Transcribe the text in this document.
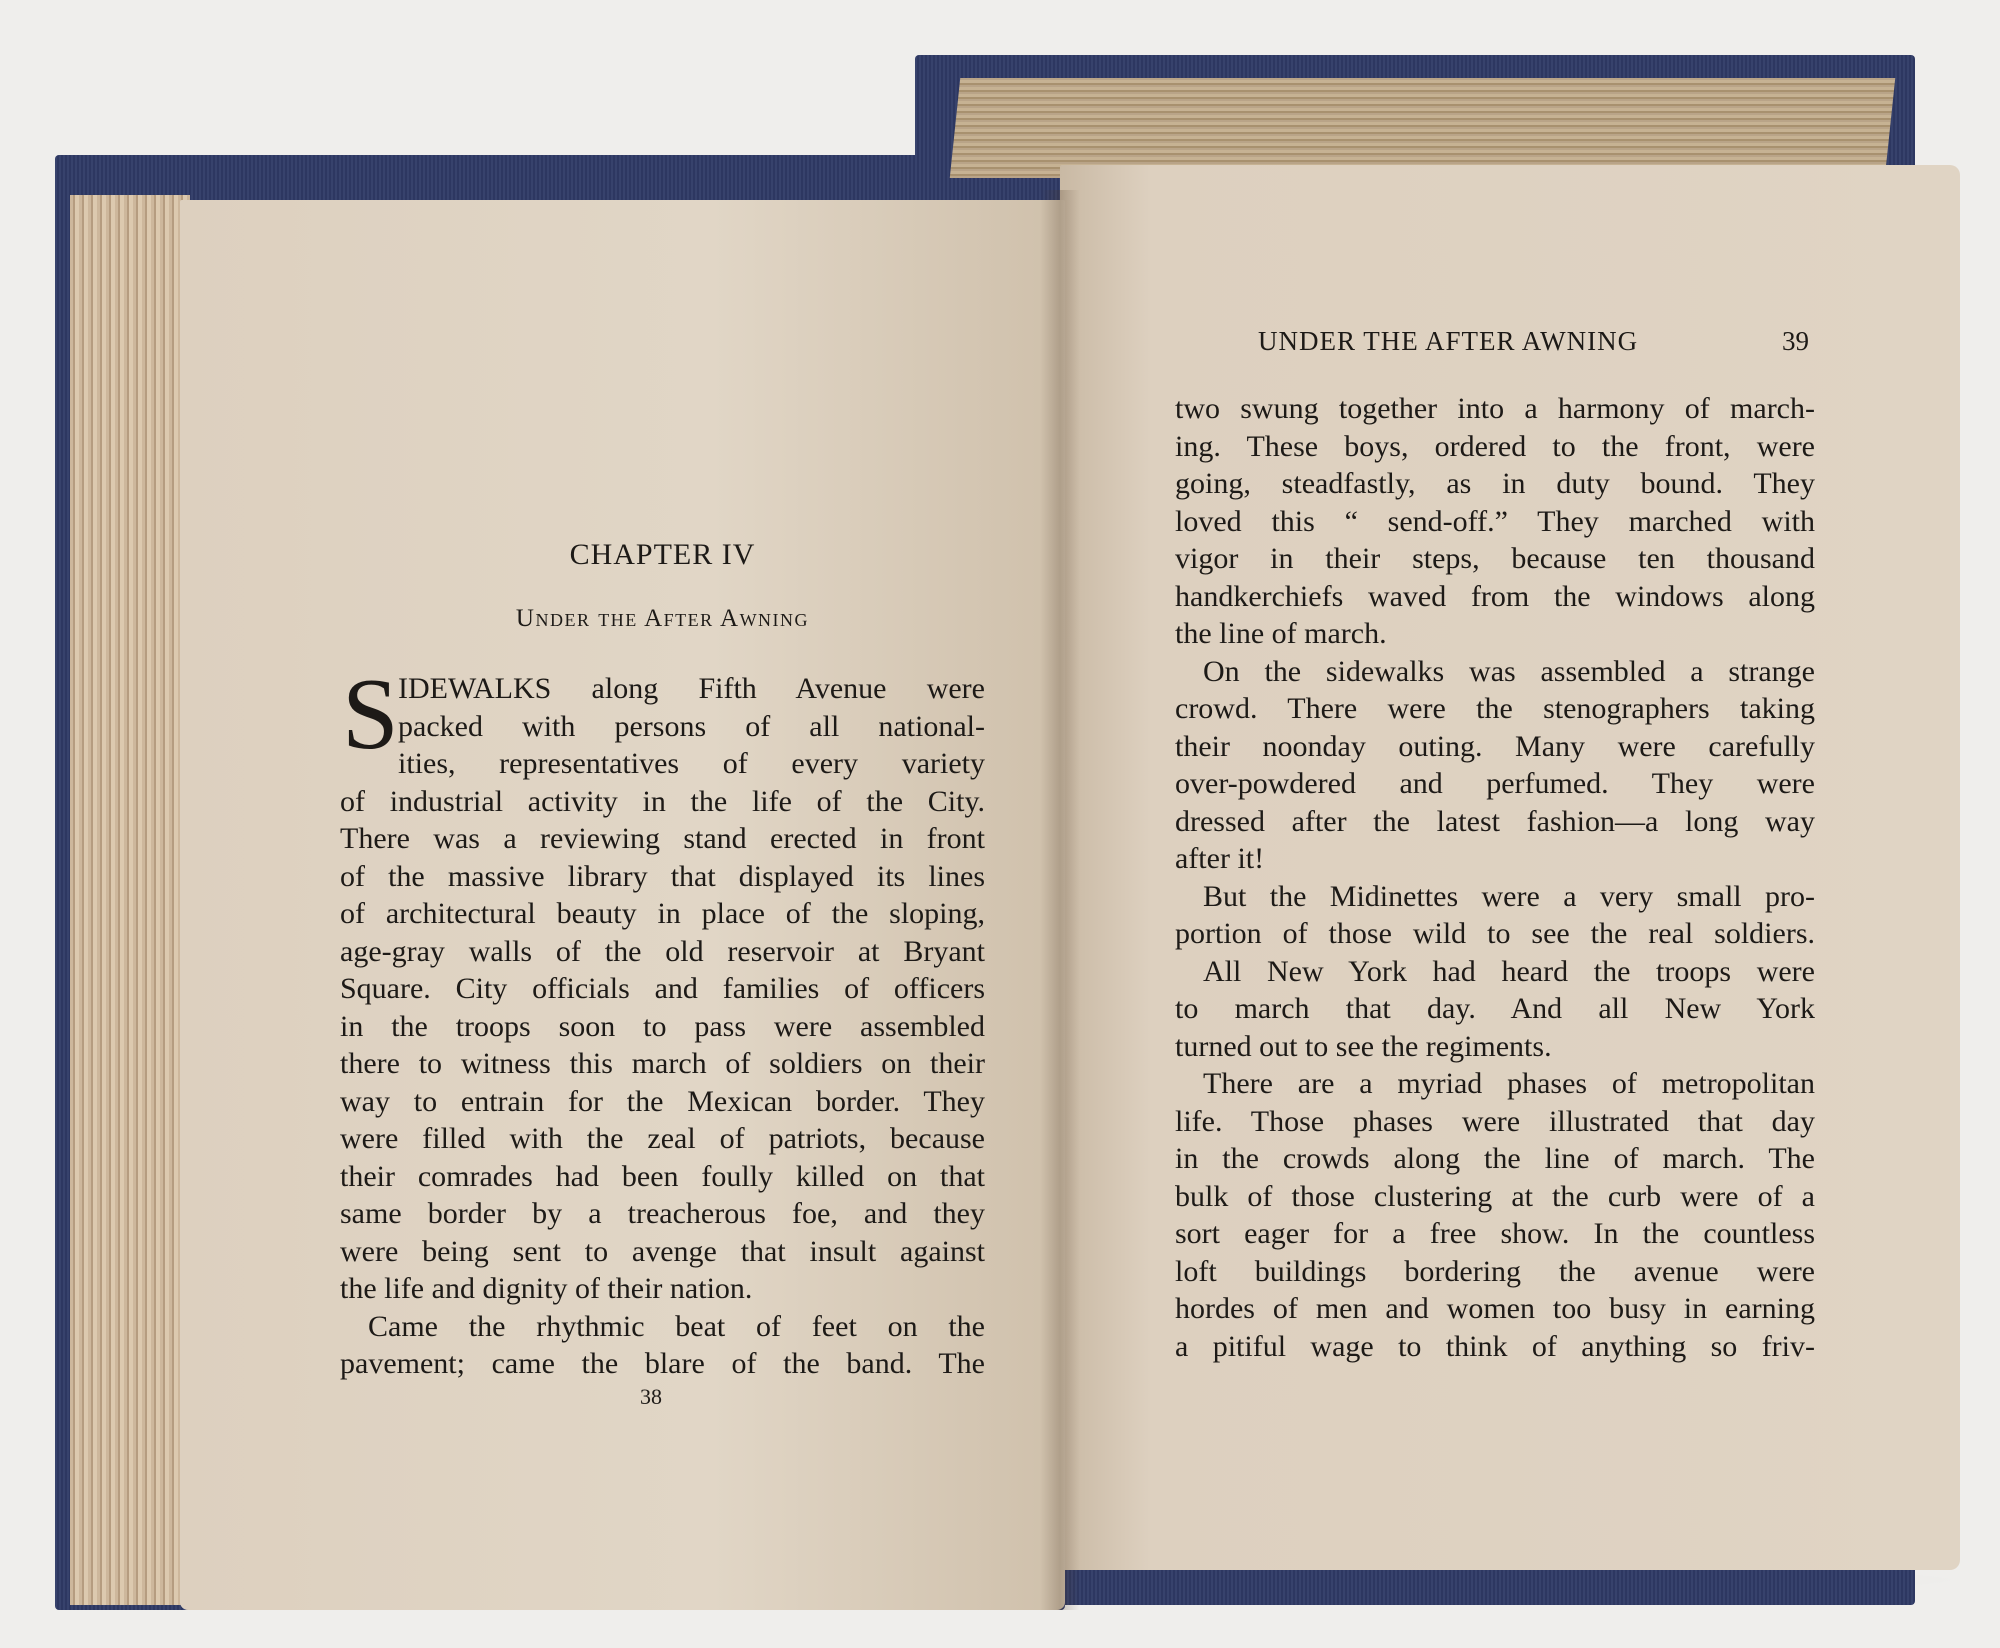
CHAPTER IV
Under the After Awning
S IDEWALKS along Fifth Avenue were
packed with persons of all national-
ities, representatives of every variety
of industrial activity in the life of the City.
There was a reviewing stand erected in front
of the massive library that displayed its lines
of architectural beauty in place of the sloping,
age-gray walls of the old reservoir at Bryant
Square. City officials and families of officers
in the troops soon to pass were assembled
there to witness this march of soldiers on their
way to entrain for the Mexican border. They
were filled with the zeal of patriots, because
their comrades had been foully killed on that
same border by a treacherous foe, and they
were being sent to avenge that insult against
the life and dignity of their nation.
Came the rhythmic beat of feet on the
pavement; came the blare of the band. The
38
UNDER THE AFTER AWNING	39
two swung together into a harmony of march-
ing. These boys, ordered to the front, were
going, steadfastly, as in duty bound. They
loved this “ send-off.” They marched with
vigor in their steps, because ten thousand
handkerchiefs waved from the windows along
the line of march.
On the sidewalks was assembled a strange
crowd. There were the stenographers taking
their noonday outing. Many were carefully
over-powdered and perfumed. They were
dressed after the latest fashion—a long way
after it!
But the Midinettes were a very small pro-
portion of those wild to see the real soldiers.
All New York had heard the troops were
to march that day. And all New York
turned out to see the regiments.
There are a myriad phases of metropolitan
life. Those phases were illustrated that day
in the crowds along the line of march. The
bulk of those clustering at the curb were of a
sort eager for a free show. In the countless
loft buildings bordering the avenue were
hordes of men and women too busy in earning
a pitiful wage to think of anything so friv-
